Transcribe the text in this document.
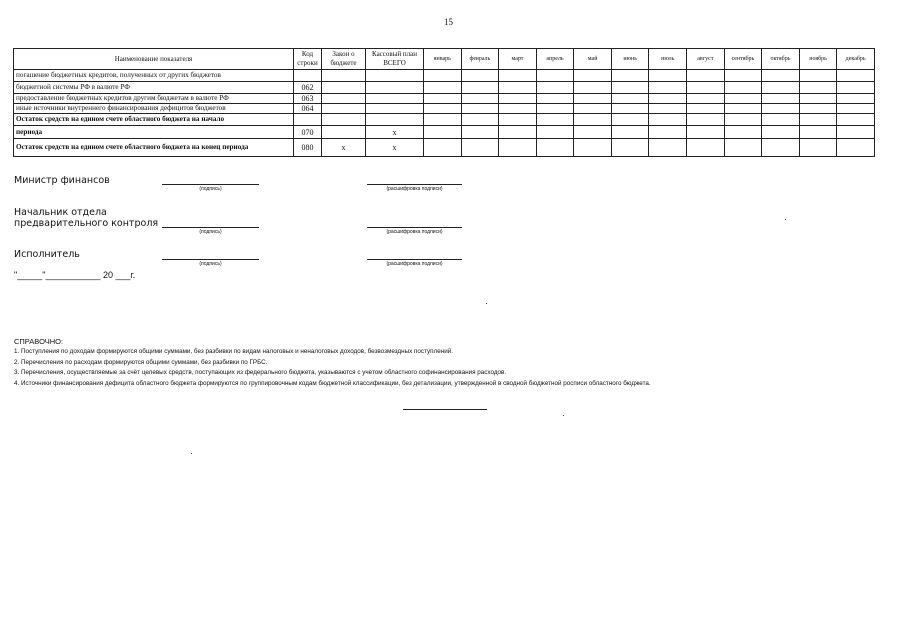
15
Наименование показателя	Код строки	Закон о бюджете	Кассовый план ВСЕГО	январь	февраль	март	апрель	май	июнь	июль	август	сентябрь	октябрь	ноябрь	декабрь
погашение бюджетных кредитов, полученных от других бюджетов															
бюджетной системы РФ в валюте РФ	062														
предоставление бюджетных кредитов другим бюджетам в валюте РФ	063														
иные источники внутреннего финансирования дефицитов бюджетов	064														
Остаток средств на едином счете областного бюджета на начало															
периода	070		x												
Остаток средств на едином счете областного бюджета на конец периода	080	x	x												
Министр финансов
(подпись)	(расшифровка подписи)
Начальник отдела
предварительного контроля
(подпись)	(расшифровка подписи)
Исполнитель
(подпись)	(расшифровка подписи)
"_____"___________ 20 ___г.
СПРАВОЧНО:
1. Поступления по доходам формируются общими суммами, без разбивки по видам налоговых и неналоговых доходов, безвозмездных поступлений.
2. Перечисления по расходам формируются общими суммами, без разбивки по ГРБС.
3. Перечисления, осуществляемые за счёт целевых средств, поступающих из федерального бюджета, указываются с учетом областного софинансирования расходов.
4. Источники финансирования дефицита областного бюджета формируются по группировочным кодам бюджетной классификации, без детализации, утвержденной в сводной бюджетной росписи областного бюджета.
